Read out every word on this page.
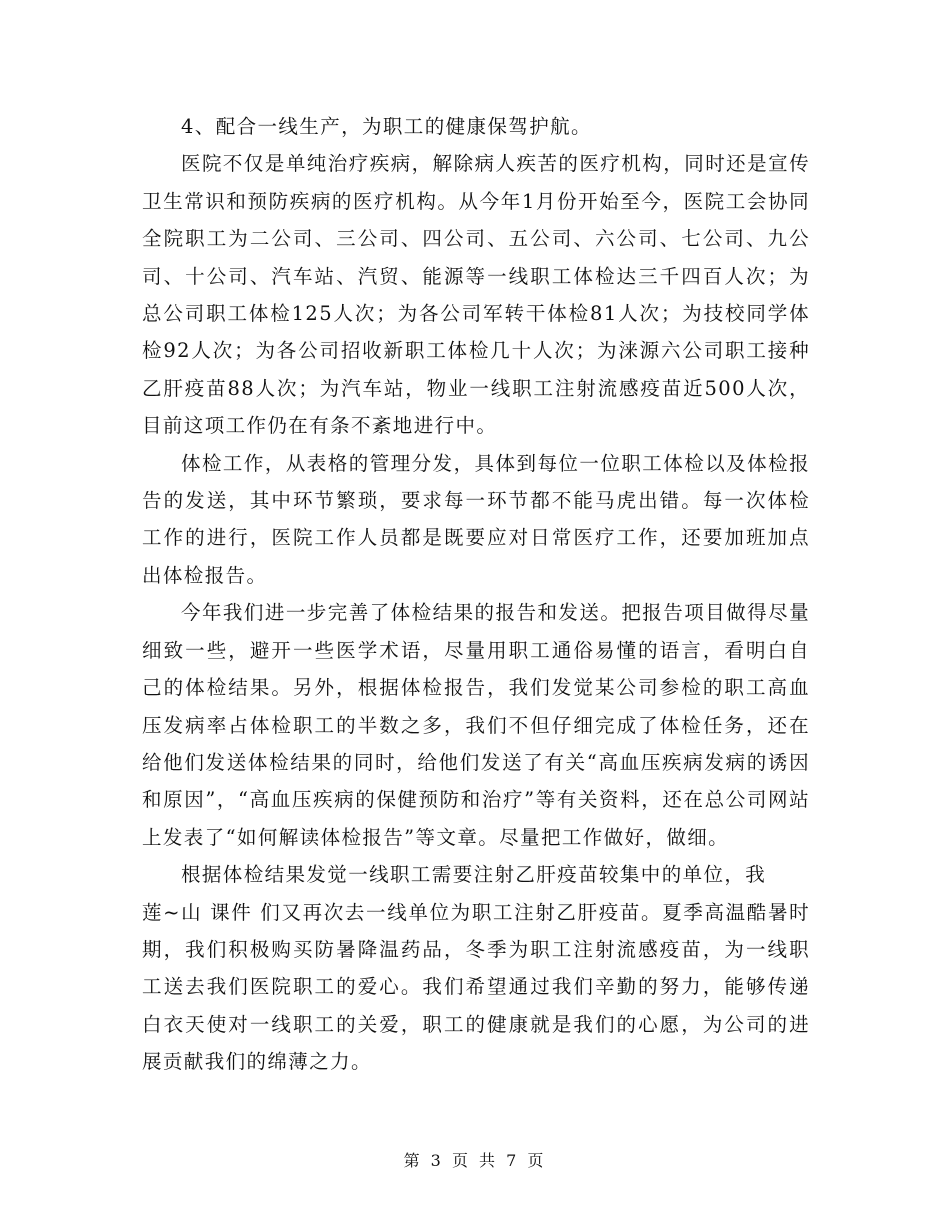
4、配合一线生产，为职工的健康保驾护航。

医院不仅是单纯治疗疾病，解除病人疾苦的医疗机构，同时还是宣传卫生常识和预防疾病的医疗机构。从今年1月份开始至今，医院工会协同全院职工为二公司、三公司、四公司、五公司、六公司、七公司、九公司、十公司、汽车站、汽贸、能源等一线职工体检达三千四百人次；为总公司职工体检125人次；为各公司军转干体检81人次；为技校同学体检92人次；为各公司招收新职工体检几十人次；为涞源六公司职工接种乙肝疫苗88人次；为汽车站，物业一线职工注射流感疫苗近500人次，目前这项工作仍在有条不紊地进行中。

体检工作，从表格的管理分发，具体到每位一位职工体检以及体检报告的发送，其中环节繁琐，要求每一环节都不能马虎出错。每一次体检工作的进行，医院工作人员都是既要应对日常医疗工作，还要加班加点出体检报告。

今年我们进一步完善了体检结果的报告和发送。把报告项目做得尽量细致一些，避开一些医学术语，尽量用职工通俗易懂的语言，看明白自己的体检结果。另外，根据体检报告，我们发觉某公司参检的职工高血压发病率占体检职工的半数之多，我们不但仔细完成了体检任务，还在给他们发送体检结果的同时，给他们发送了有关“高血压疾病发病的诱因和原因”，“高血压疾病的保健预防和治疗”等有关资料，还在总公司网站上发表了“如何解读体检报告”等文章。尽量把工作做好，做细。

根据体检结果发觉一线职工需要注射乙肝疫苗较集中的单位，我

莲~山 课件 们又再次去一线单位为职工注射乙肝疫苗。夏季高温酷暑时期，我们积极购买防暑降温药品，冬季为职工注射流感疫苗，为一线职工送去我们医院职工的爱心。我们希望通过我们辛勤的努力，能够传递白衣天使对一线职工的关爱，职工的健康就是我们的心愿，为公司的进展贡献我们的绵薄之力。

第 3 页 共 7 页
